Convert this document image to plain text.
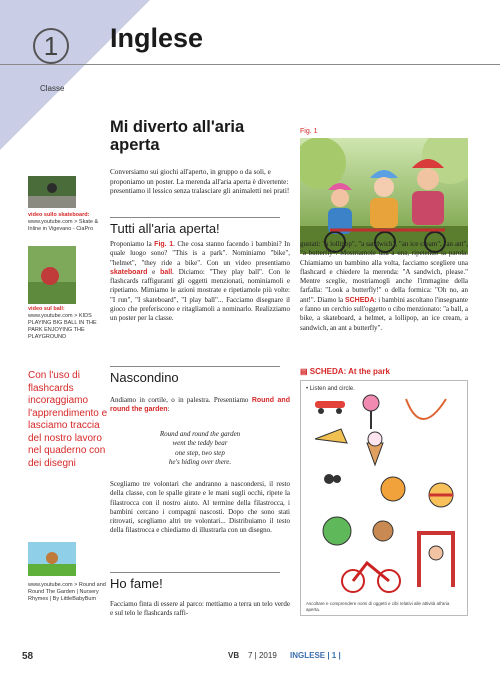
1
Classe
Inglese
Mi diverto all'aria aperta
Fig. 1
Conversiamo sui giochi all'aperto, in gruppo o da soli, e proponiamo un poster. La merenda all'aria aperta è divertente: presentiamo il lessico senza tralasciare gli animaletti nei prati!
Tutti all'aria aperta!
Proponiamo la Fig. 1. Che cosa stanno facendo i bambini? In quale luogo sono? "This is a park". Nominiamo "bike", "helmet", "they ride a bike". Con un video presentiamo skateboard e ball. Diciamo: "They play ball". Con le flashcards raffiguranti gli oggetti menzionati, nominiamoli e ripetiamo. Mimiamo le azioni mostrate e ripetiamole più volte: "I run", "I skateboard", "I play ball"... Facciamo disegnare il gioco che preferiscono e ritagliamoli a nominarlo. Realizziamo un poster per la classe.
gustati: "a lollipop", "a sandwich", "an ice cream", "an ant", "a butterfly". Mostriamole una a una, ripetendo la parola. Chiamiamo un bambino alla volta, facciamo scegliere una flashcard e chiedere la merenda: "A sandwich, please." Mentre sceglie, mostriamogli anche l'immagine della farfalla: "Look a butterfly!" o della formica: "Oh no, an ant!". Diamo la SCHEDA: i bambini ascoltano l'insegnante e fanno un cerchio sull'oggetto o cibo menzionato: "a ball, a bike, a skateboard, a helmet, a lollipop, an ice cream, a sandwich, an ant a butterfly".
Nascondino
Andiamo in cortile, o in palestra. Presentiamo Round and round the garden:
Round and round the garden
went the teddy bear
one step, two step
he's hiding over there.
Scegliamo tre volontari che andranno a nascondersi, il resto della classe, con le spalle girate e le mani sugli occhi, ripete la filastrocca con il nostro aiuto. Al termine della filastrocca, i bambini cercano i compagni nascosti. Dopo che sono stati ritrovati, scegliamo altri tre volontari... Distribuiamo il testo della filastrocca e chiediamo di illustrarla con un disegno.
Ho fame!
Facciamo finta di essere al parco: mettiamo a terra un telo verde e sul telo le flashcards raffi-
video sullo skateboard:
www.youtube.com > Skate & Inline in Vigevano - CiaPro
video sul ball:
www.youtube.com > KIDS PLAYING BIG BALL IN THE PARK ENJOYING THE PLAYGROUND
Con l'uso di flashcards incoraggiamo l'apprendimento e lasciamo traccia del nostro lavoro nel quaderno con dei disegni
www.youtube.com > Round and Round The Garden | Nursery Rhymes | By LittleBabyBum
▤ SCHEDA: At the park
• Listen and circle.
Ascoltare e comprendere nomi di oggetti e cibi relativi alle attività all'aria aperta.
58	VB 7 | 2019 INGLESE | 1 |
